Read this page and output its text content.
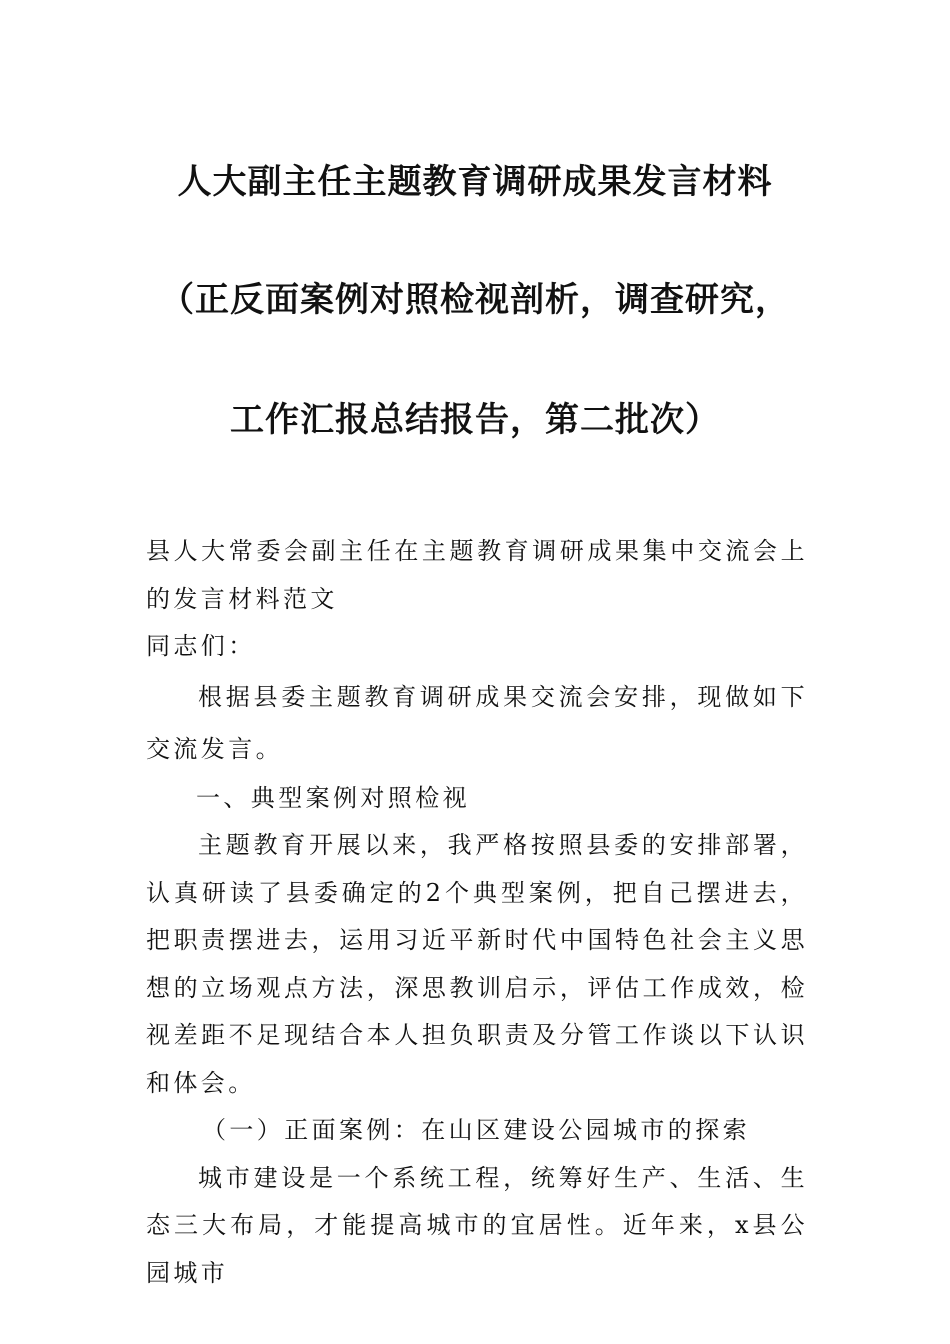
人大副主任主题教育调研成果发言材料
（正反面案例对照检视剖析，调查研究，
工作汇报总结报告，第二批次）

县人大常委会副主任在主题教育调研成果集中交流会上的发言材料范文

同志们：

根据县委主题教育调研成果交流会安排，现做如下交流发言。

一、典型案例对照检视

主题教育开展以来，我严格按照县委的安排部署，认真研读了县委确定的2个典型案例，把自己摆进去，把职责摆进去，运用习近平新时代中国特色社会主义思想的立场观点方法，深思教训启示，评估工作成效，检视差距不足现结合本人担负职责及分管工作谈以下认识和体会。

（一）正面案例：在山区建设公园城市的探索

城市建设是一个系统工程，统筹好生产、生活、生态三大布局，才能提高城市的宜居性。近年来，x县公园城市
